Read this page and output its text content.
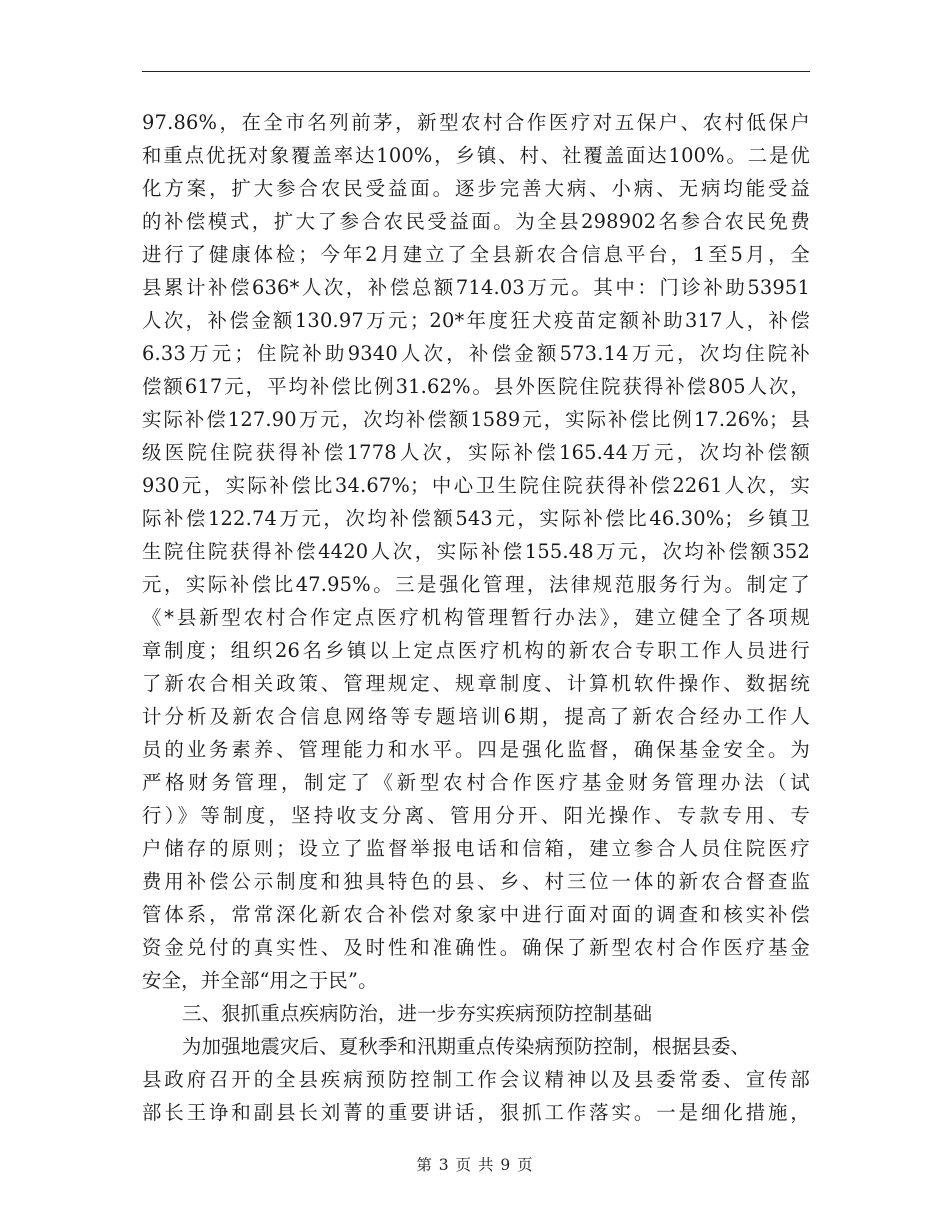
97.86%，在全市名列前茅，新型农村合作医疗对五保户、农村低保户
和重点优抚对象覆盖率达100%，乡镇、村、社覆盖面达100%。二是优
化方案，扩大参合农民受益面。逐步完善大病、小病、无病均能受益
的补偿模式，扩大了参合农民受益面。为全县298902名参合农民免费
进行了健康体检；今年2月建立了全县新农合信息平台，1至5月，全
县累计补偿636*人次，补偿总额714.03万元。其中：门诊补助53951
人次，补偿金额130.97万元；20*年度狂犬疫苗定额补助317人，补偿
6.33万元；住院补助9340人次，补偿金额573.14万元，次均住院补
偿额617元，平均补偿比例31.62%。县外医院住院获得补偿805人次，
实际补偿127.90万元，次均补偿额1589元，实际补偿比例17.26%；县
级医院住院获得补偿1778人次，实际补偿165.44万元，次均补偿额
930元，实际补偿比34.67%；中心卫生院住院获得补偿2261人次，实
际补偿122.74万元，次均补偿额543元，实际补偿比46.30%；乡镇卫
生院住院获得补偿4420人次，实际补偿155.48万元，次均补偿额352
元，实际补偿比47.95%。三是强化管理，法律规范服务行为。制定了
《*县新型农村合作定点医疗机构管理暂行办法》，建立健全了各项规
章制度；组织26名乡镇以上定点医疗机构的新农合专职工作人员进行
了新农合相关政策、管理规定、规章制度、计算机软件操作、数据统
计分析及新农合信息网络等专题培训6期，提高了新农合经办工作人
员的业务素养、管理能力和水平。四是强化监督，确保基金安全。为
严格财务管理，制定了《新型农村合作医疗基金财务管理办法（试
行）》等制度，坚持收支分离、管用分开、阳光操作、专款专用、专
户储存的原则；设立了监督举报电话和信箱，建立参合人员住院医疗
费用补偿公示制度和独具特色的县、乡、村三位一体的新农合督查监
管体系，常常深化新农合补偿对象家中进行面对面的调查和核实补偿
资金兑付的真实性、及时性和准确性。确保了新型农村合作医疗基金
安全，并全部“用之于民”。
三、狠抓重点疾病防治，进一步夯实疾病预防控制基础
为加强地震灾后、夏秋季和汛期重点传染病预防控制，根据县委、
县政府召开的全县疾病预防控制工作会议精神以及县委常委、宣传部
部长王诤和副县长刘菁的重要讲话，狠抓工作落实。一是细化措施，
第 3 页 共 9 页
